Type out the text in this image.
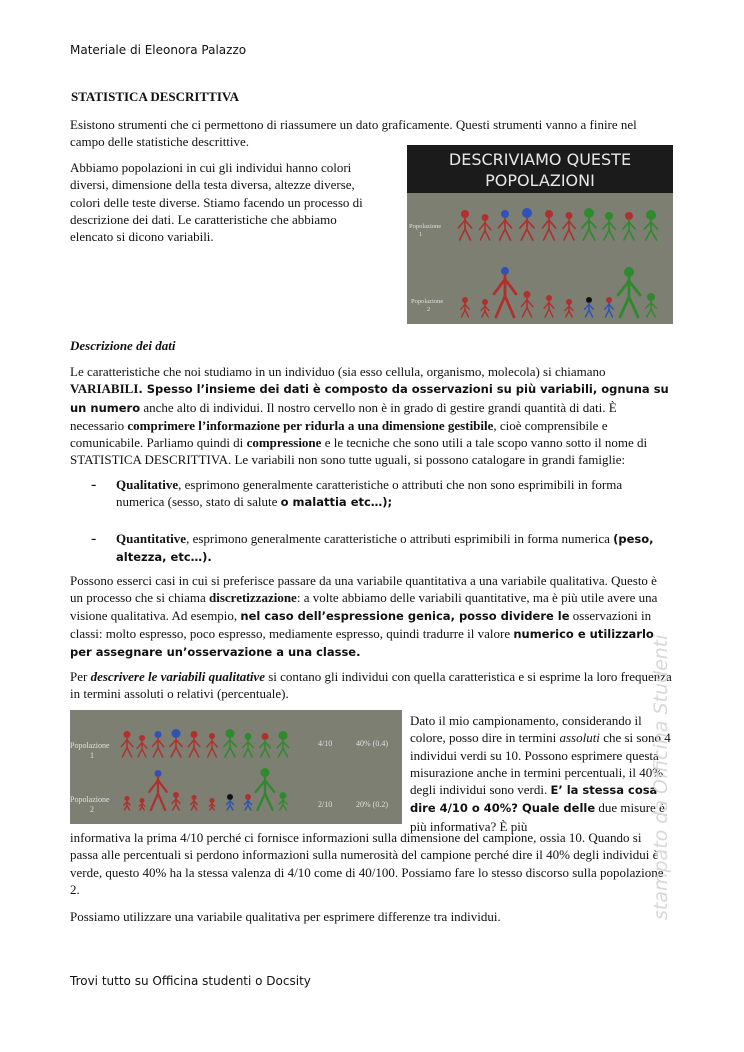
Materiale di Eleonora Palazzo
STATISTICA DESCRITTIVA

Esistono strumenti che ci permettono di riassumere un dato graficamente. Questi strumenti vanno a finire nel campo delle statistiche descrittive.

Abbiamo popolazioni in cui gli individui hanno colori diversi, dimensione della testa diversa, altezze diverse, colori delle teste diverse. Stiamo facendo un processo di descrizione dei dati. Le caratteristiche che abbiamo elencato si dicono variabili.

DESCRIVIAMO QUESTE
POPOLAZIONI
Popolazione
1
Popolazione
2

Descrizione dei dati

Le caratteristiche che noi studiamo in un individuo (sia esso cellula, organismo, molecola) si chiamano VARIABILI. Spesso l’insieme dei dati è composto da osservazioni su più variabili, ognuna su un numero anche alto di individui. Il nostro cervello non è in grado di gestire grandi quantità di dati. È necessario comprimere l’informazione per ridurla a una dimensione gestibile, cioè comprensibile e comunicabile. Parliamo quindi di compressione e le tecniche che sono utili a tale scopo vanno sotto il nome di STATISTICA DESCRITTIVA. Le variabili non sono tutte uguali, si possono catalogare in grandi famiglie:

- Qualitative, esprimono generalmente caratteristiche o attributi che non sono esprimibili in forma numerica (sesso, stato di salute o malattia etc…);

- Quantitative, esprimono generalmente caratteristiche o attributi esprimibili in forma numerica (peso, altezza, etc…).

Possono esserci casi in cui si preferisce passare da una variabile quantitativa a una variabile qualitativa. Questo è un processo che si chiama discretizzazione: a volte abbiamo delle variabili quantitative, ma è più utile avere una visione qualitativa. Ad esempio, nel caso dell’espressione genica, posso dividere le osservazioni in classi: molto espresso, poco espresso, mediamente espresso, quindi tradurre il valore numerico e utilizzarlo per assegnare un’osservazione a una classe.

Per descrivere le variabili qualitative si contano gli individui con quella caratteristica e si esprime la loro frequenza in termini assoluti o relativi (percentuale).

Popolazione
1
Popolazione
2
4/10	40% (0.4)
2/10	20% (0.2)

Dato il mio campionamento, considerando il colore, posso dire in termini assoluti che si sono 4 individui verdi su 10. Possono esprimere questa misurazione anche in termini percentuali, il 40% degli individui sono verdi. E’ la stessa cosa dire 4/10 o 40%? Quale delle due misure è più informativa? È più

informativa la prima 4/10 perché ci fornisce informazioni sulla dimensione del campione, ossia 10. Quando si passa alle percentuali si perdono informazioni sulla numerosità del campione perché dire il 40% degli individui è verde, questo 40% ha la stessa valenza di 4/10 come di 40/100. Possiamo fare lo stesso discorso sulla popolazione 2.

Possiamo utilizzare una variabile qualitativa per esprimere differenze tra individui.	stampato da Officina Studenti
Trovi tutto su Officina studenti o Docsity
